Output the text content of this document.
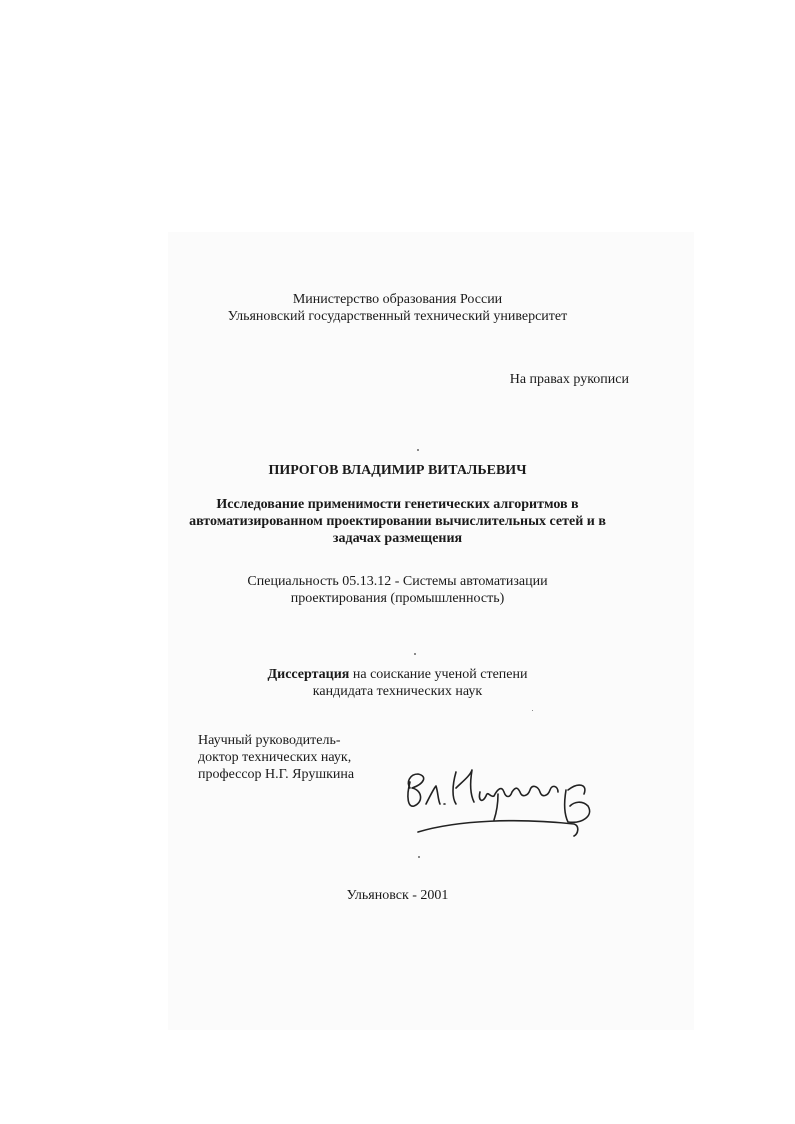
Министерство образования России
Ульяновский государственный технический университет
На правах рукописи
ПИРОГОВ ВЛАДИМИР ВИТАЛЬЕВИЧ
Исследование применимости генетических алгоритмов в
автоматизированном проектировании вычислительных сетей и в
задачах размещения
Специальность 05.13.12 - Системы автоматизации
проектирования (промышленность)
Диссертация на соискание ученой степени
кандидата технических наук
Научный руководитель-
доктор технических наук,
профессор Н.Г. Ярушкина
Ульяновск - 2001
